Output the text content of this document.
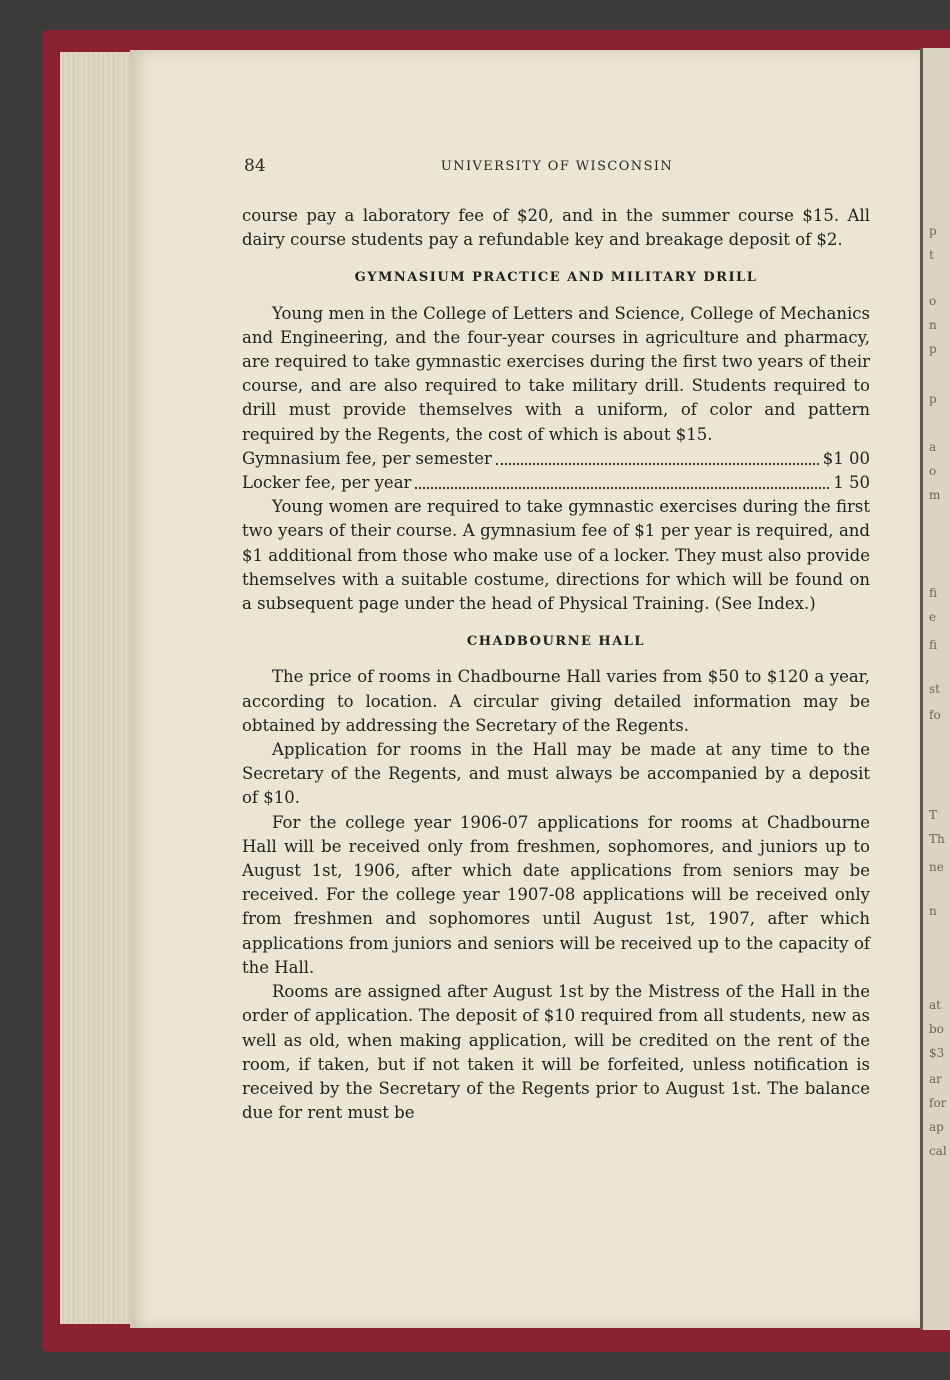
p
t
o
n
p
p
a
o
m
fi
e
fi
st
fo
T
Th
ne
n
at
bo
$3
ar
for
ap
cal
84	UNIVERSITY OF WISCONSIN

course pay a laboratory fee of $20, and in the summer course $15. All dairy course students pay a refundable key and breakage deposit of $2.

GYMNASIUM PRACTICE AND MILITARY DRILL

Young men in the College of Letters and Science, College of Mechanics and Engineering, and the four-year courses in agriculture and pharmacy, are required to take gymnastic exercises during the first two years of their course, and are also required to take military drill. Students required to drill must provide themselves with a uniform, of color and pattern required by the Regents, the cost of which is about $15.

Gymnasium fee, per semester	$1 00
Locker fee, per year	1 50

Young women are required to take gymnastic exercises during the first two years of their course. A gymnasium fee of $1 per year is required, and $1 additional from those who make use of a locker. They must also provide themselves with a suitable costume, directions for which will be found on a subsequent page under the head of Physical Training. (See Index.)

CHADBOURNE HALL

The price of rooms in Chadbourne Hall varies from $50 to $120 a year, according to location. A circular giving detailed information may be obtained by addressing the Secretary of the Regents.

Application for rooms in the Hall may be made at any time to the Secretary of the Regents, and must always be accompanied by a deposit of $10.

For the college year 1906-07 applications for rooms at Chadbourne Hall will be received only from freshmen, sophomores, and juniors up to August 1st, 1906, after which date applications from seniors may be received. For the college year 1907-08 applications will be received only from freshmen and sophomores until August 1st, 1907, after which applications from juniors and seniors will be received up to the capacity of the Hall.

Rooms are assigned after August 1st by the Mistress of the Hall in the order of application. The deposit of $10 required from all students, new as well as old, when making application, will be credited on the rent of the room, if taken, but if not taken it will be forfeited, unless notification is received by the Secretary of the Regents prior to August 1st. The balance due for rent must be
